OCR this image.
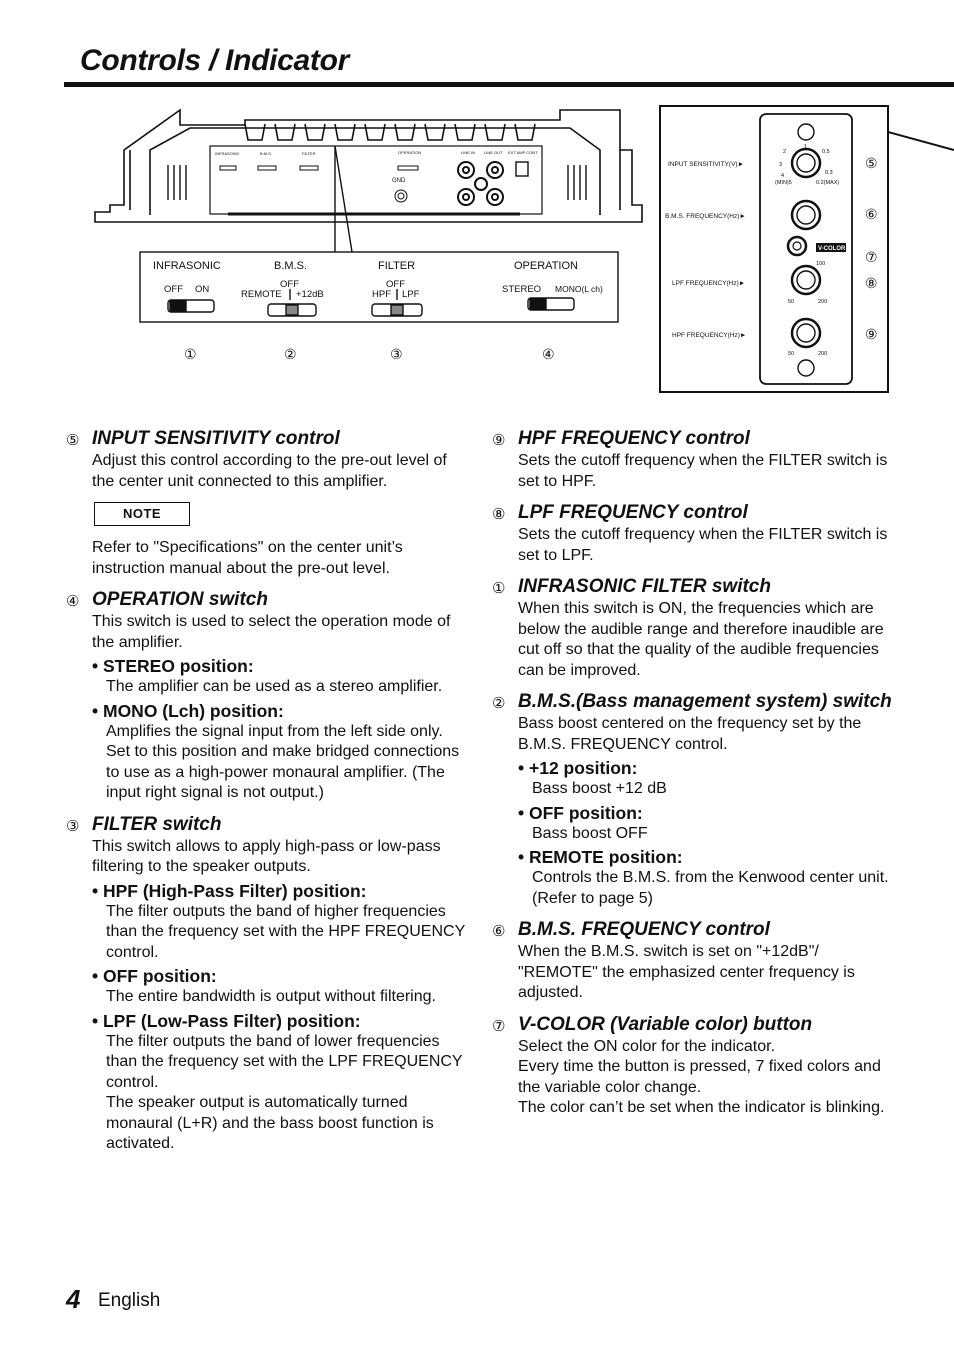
Controls / Indicator
INFRASONIC	B.M.S.	FILTER	OPERATION
GND
LINE IN LINE OUT EXT AMP CONT
INFRASONIC	B.M.S.	FILTER	OPERATION
OFF ON	OFF
REMOTE +12dB
OFF
HPF LPF	STEREO MONO(L ch)
①	②	③	④
INPUT SENSITIVITY(V)►
B.M.S. FREQUENCY(Hz)►
LPF FREQUENCY(Hz)►
HPF FREQUENCY(Hz)►
V-COLOR
2
3
4
1
0.5
0.3
(MIN)5	0.2(MAX)
50	200
100
50	200
⑤
⑥
⑦
⑧
⑨
⑤ INPUT SENSITIVITY control

Adjust this control according to the pre-out level of the center unit connected to this amplifier.

NOTE

Refer to "Specifications" on the center unit’s instruction manual about the pre-out level.

④ OPERATION switch

This switch is used to select the operation mode of the amplifier.

• STEREO position:

The amplifier can be used as a stereo amplifier.

• MONO (Lch) position:

Amplifies the signal input from the left side only. Set to this position and make bridged connections to use as a high-power monaural amplifier. (The input right signal is not output.)

③ FILTER switch

This switch allows to apply high-pass or low-pass filtering to the speaker outputs.

• HPF (High-Pass Filter) position:

The filter outputs the band of higher frequencies than the frequency set with the HPF FREQUENCY control.

• OFF position:

The entire bandwidth is output without filtering.

• LPF (Low-Pass Filter) position:

The filter outputs the band of lower frequencies than the frequency set with the LPF FREQUENCY control.

The speaker output is automatically turned monaural (L+R) and the bass boost function is activated.

⑨ HPF FREQUENCY control

Sets the cutoff frequency when the FILTER switch is set to HPF.

⑧ LPF FREQUENCY control

Sets the cutoff frequency when the FILTER switch is set to LPF.

① INFRASONIC FILTER switch

When this switch is ON, the frequencies which are below the audible range and therefore inaudible are cut off so that the quality of the audible frequencies can be improved.

② B.M.S.(Bass management system) switch

Bass boost centered on the frequency set by the B.M.S. FREQUENCY control.

• +12 position:

Bass boost +12 dB

• OFF position:

Bass boost OFF

• REMOTE position:

Controls the B.M.S. from the Kenwood center unit. (Refer to page 5)

⑥ B.M.S. FREQUENCY control

When the B.M.S. switch is set on "+12dB"/ "REMOTE" the emphasized center frequency is adjusted.

⑦ V-COLOR (Variable color) button

Select the ON color for the indicator.

Every time the button is pressed, 7 fixed colors and the variable color change.

The color can’t be set when the indicator is blinking.

4 English
